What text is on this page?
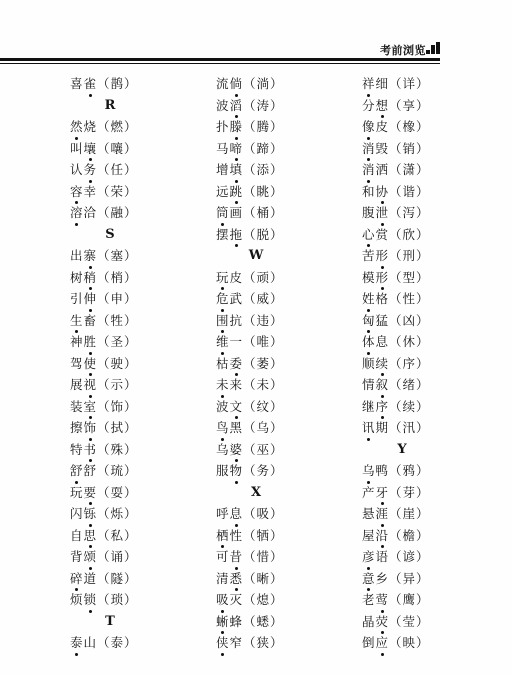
考前浏览
喜雀
（鹊）
R
然烧
（燃）
叫壤
（嚷）
认务
（任）
容幸
（荣）
溶洽
（融）
S
出寨
（塞）
树稍
（梢）
引伸
（申）
生畜
（牲）
神胜
（圣）
驾使
（驶）
展视
（示）
装室
（饰）
擦饰
（拭）
特书
（殊）
舒舒
（琉）
玩要
（耍）
闪铄
（烁）
自思
（私）
背颂
（诵）
碎道
（隧）
烦锁
（琐）
T
泰山
（泰）
流倘
（淌）
波滔
（涛）
扑滕
（腾）
马啼
（蹄）
增填
（添）
远跳
（眺）
筒画
（桶）
摆拖
（脱）
W
玩皮
（顽）
危武
（威）
围抗
（违）
维一
（唯）
枯委
（萎）
未来
（未）
波文
（纹）
鸟黑
（乌）
乌婆
（巫）
服物
（务）
X
呼息
（吸）
栖性
（牺）
可昔
（惜）
清悉
（晰）
吸灭
（熄）
蜥蜂
（蟋）
侠窄
（狭）
祥细
（详）
分想
（享）
像皮
（橡）
消毁
（销）
消洒
（潇）
和协
（谐）
腹泄
（泻）
心赏
（欣）
苦形
（刑）
模形
（型）
姓格
（性）
匈猛
（凶）
体息
（休）
顺续
（序）
情叙
（绪）
继序
（续）
讯期
（汛）
Y
乌鸭
（鸦）
产牙
（芽）
悬涯
（崖）
屋沿
（檐）
彦语
（谚）
意乡
（异）
老莺
（鹰）
晶荧
（莹）
倒应
（映）
